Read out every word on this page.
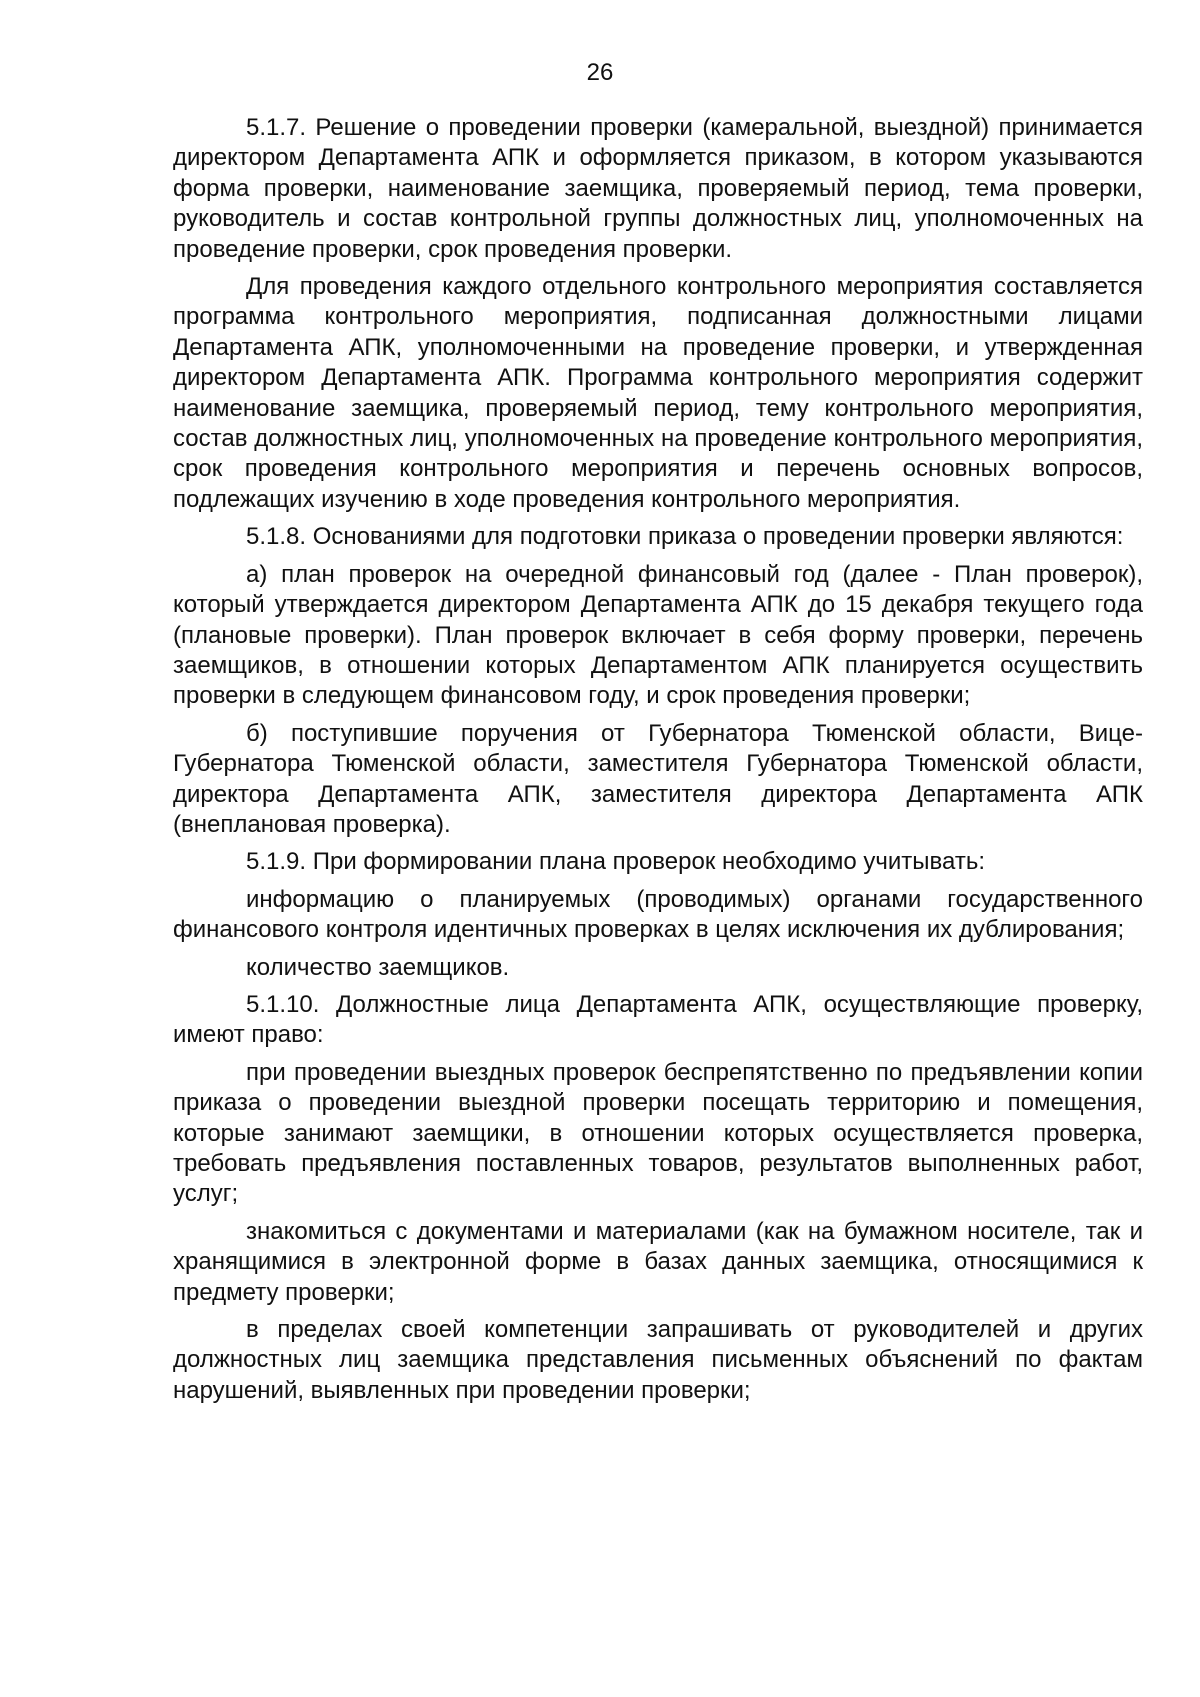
26

5.1.7. Решение о проведении проверки (камеральной, выездной) принимается директором Департамента АПК и оформляется приказом, в котором указываются форма проверки, наименование заемщика, проверяемый период, тема проверки, руководитель и состав контрольной группы должностных лиц, уполномоченных на проведение проверки, срок проведения проверки.

Для проведения каждого отдельного контрольного мероприятия составляется программа контрольного мероприятия, подписанная должностными лицами Департамента АПК, уполномоченными на проведение проверки, и утвержденная директором Департамента АПК. Программа контрольного мероприятия содержит наименование заемщика, проверяемый период, тему контрольного мероприятия, состав должностных лиц, уполномоченных на проведение контрольного мероприятия, срок проведения контрольного мероприятия и перечень основных вопросов, подлежащих изучению в ходе проведения контрольного мероприятия.

5.1.8. Основаниями для подготовки приказа о проведении проверки являются:

а) план проверок на очередной финансовый год (далее - План проверок), который утверждается директором Департамента АПК до 15 декабря текущего года (плановые проверки). План проверок включает в себя форму проверки, перечень заемщиков, в отношении которых Департаментом АПК планируется осуществить проверки в следующем финансовом году, и срок проведения проверки;

б) поступившие поручения от Губернатора Тюменской области, Вице-Губернатора Тюменской области, заместителя Губернатора Тюменской области, директора Департамента АПК, заместителя директора Департамента АПК (внеплановая проверка).

5.1.9. При формировании плана проверок необходимо учитывать:

информацию о планируемых (проводимых) органами государственного финансового контроля идентичных проверках в целях исключения их дублирования;

количество заемщиков.

5.1.10. Должностные лица Департамента АПК, осуществляющие проверку, имеют право:

при проведении выездных проверок беспрепятственно по предъявлении копии приказа о проведении выездной проверки посещать территорию и помещения, которые занимают заемщики, в отношении которых осуществляется проверка, требовать предъявления поставленных товаров, результатов выполненных работ, услуг;

знакомиться с документами и материалами (как на бумажном носителе, так и хранящимися в электронной форме в базах данных заемщика, относящимися к предмету проверки;

в пределах своей компетенции запрашивать от руководителей и других должностных лиц заемщика представления письменных объяснений по фактам нарушений, выявленных при проведении проверки;
